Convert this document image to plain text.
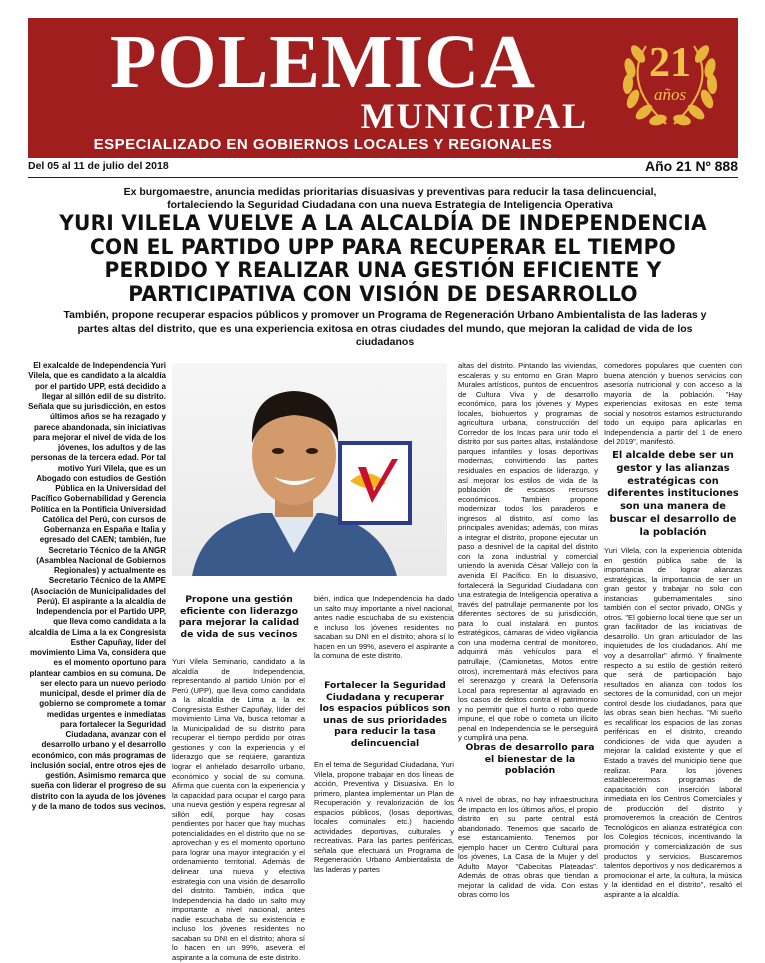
POLEMICA
MUNICIPAL
ESPECIALIZADO EN GOBIERNOS LOCALES Y REGIONALES
21
años
Del 05 al 11 de julio del 2018	Año 21 Nº 888
Ex burgomaestre, anuncia medidas prioritarias disuasivas y preventivas para reducir la tasa delincuencial, fortaleciendo la Seguridad Ciudadana con una nueva Estrategia de Inteligencia Operativa
YURI VILELA VUELVE A LA ALCALDÍA DE INDEPENDENCIA CON EL PARTIDO UPP PARA RECUPERAR EL TIEMPO PERDIDO Y REALIZAR UNA GESTIÓN EFICIENTE Y PARTICIPATIVA CON VISIÓN DE DESARROLLO
También, propone recuperar espacios públicos y promover un Programa de Regeneración Urbano Ambientalista de las laderas y partes altas del distrito, que es una experiencia exitosa en otras ciudades del mundo, que mejoran la calidad de vida de los ciudadanos
El exalcalde de Independencia Yuri Vilela, que es candidato a la alcaldía por el partido UPP, está decidido a llegar al sillón edil de su distrito. Señala que su jurisdicción, en estos últimos años se ha rezagado y parece abandonada, sin iniciativas para mejorar el nivel de vida de los jóvenes, los adultos y de las personas de la tercera edad. Por tal motivo Yuri Vilela, que es un Abogado con estudios de Gestión Pública en la Universidad del Pacífico Gobernabilidad y Gerencia Política en la Pontificia Universidad Católica del Perú, con cursos de Gobernanza en España e Italia y egresado del CAEN; también, fue Secretario Técnico de la ANGR (Asamblea Nacional de Gobiernos Regionales) y actualmente es Secretario Técnico de la AMPE (Asociación de Municipalidades del Perú). El aspirante a la alcaldía de Independencia por el Partido UPP, que lleva como candidata a la alcaldía de Lima a la ex Congresista Esther Capuñay, líder del movimiento Lima Va, considera que es el momento oportuno para plantear cambios en su comuna. De ser electo para un nuevo periodo municipal, desde el primer día de gobierno se compromete a tomar medidas urgentes e inmediatas para fortalecer la Seguridad Ciudadana, avanzar con el desarrollo urbano y el desarrollo económico, con más programas de inclusión social, entre otros ejes de gestión. Asimismo remarca que sueña con liderar el progreso de su distrito con la ayuda de los jóvenes y de la mano de todos sus vecinos.
Propone una gestión eficiente con liderazgo para mejorar la calidad de vida de sus vecinos
Yuri Vilela Seminario, candidato a la alcaldía de Independencia, representando al partido Unión por el Perú (UPP), que lleva como candidata a la alcaldía de Lima a la ex Congresista Esther Capuñay, líder del movimiento Lima Va, busca retomar a la Municipalidad de su distrito para recuperar el tiempo perdido por otras gestiones y con la experiencia y el liderazgo que se requiere, garantiza lograr el anhelado desarrollo urbano, económico y social de su comuna. Afirma que cuenta con la experiencia y la capacidad para ocupar el cargo para una nueva gestión y espera regresar al sillón edil, porque hay cosas pendientes por hacer que hay muchas potencialidades en el distrito que no se aprovechan y es el momento oportuno para lograr una mayor integración y el ordenamiento territorial. Además de delinear una nueva y efectiva estrategia con una visión de desarrollo del distrito. También, indica que Independencia ha dado un salto muy importante a nivel nacional, antes nadie escuchaba de su existencia e incluso los jóvenes residentes no sacaban su DNI en el distrito; ahora sí lo hacen en un 99%, asevera el aspirante a la comuna de este distrito.
bién, indica que Independencia ha dado un salto muy importante a nivel nacional, antes nadie escuchaba de su existencia e incluso los jóvenes residentes no sacaban su DNI en el distrito; ahora sí lo hacen en un 99%, asevero el aspirante a la comuna de este distrito.
Fortalecer la Seguridad Ciudadana y recuperar los espacios públicos son unas de sus prioridades para reducir la tasa delincuencial
En el tema de Seguridad Ciudadana, Yuri Vilela, propone trabajar en dos líneas de acción, Preventiva y Disuasiva. En lo primero, plantea implementar un Plan de Recuperación y revalorización de los espacios públicos, (losas deportivas, locales comunales etc.) haciendo actividades deportivas, culturales y recreativas. Para las partes periféricas, señala que efectuará un Programa de Regeneración Urbano Ambientalista de las laderas y partes
altas del distrito. Pintando las viviendas, escaleras y su entorno en Gran Mapro Murales artísticos, puntos de encuentros de Cultura Viva y de desarrollo económico, para los jóvenes y Mypes locales, biohuertos y programas de agricultura urbana, construcción del Corredor de los Incas para unir todo el distrito por sus partes altas, instalándose parques infantiles y losas deportivas modernas, convirtiendo las partes residuales en espacios de liderazgo, y así mejorar los estilos de vida de la población de escasos recursos económicos. También propone modernizar todos los paraderos e ingresos al distrito, así como las principales avenidas; además, con miras a integrar el distrito, propone ejecutar un paso a desnivel de la capital del distrito con la zona industrial y comercial uniendo la avenida César Vallejo con la avenida El Pacífico. En lo disuasivo, fortalecerá la Seguridad Ciudadana con una estrategia de Inteligencia operativa a través del patrullaje permanente por los diferentes sectores de su jurisdicción, para lo cual instalará en puntos estratégicos, cámaras de video vigilancia con una moderna central de monitoreo, adquirirá más vehículos para el patrullaje, (Camionetas, Motos entre otros), incrementará más efectivos para el serenazgo y creará la Defensoría Local para representar al agraviado en los casos de delitos contra el patrimonio y no permitir que el hurto o robo quede impune, el que robe o cometa un ilícito penal en Independencia se le perseguirá y cumplirá una pena.
Obras de desarrollo para el bienestar de la población
A nivel de obras, no hay infraestructura de impacto en los últimos años, el propio distrito en su parte central está abandonado. Tenemos que sacarlo de ese estancamiento. Tenemos por ejemplo hacer un Centro Cultural para los jóvenes, La Casa de la Mujer y del Adulto Mayor "Cabecitas Plateadas". Además de otras obras que tiendan a mejorar la calidad de vida. Con estas obras como los
comedores populares que cuenten con buena atención y buenos servicios con asesoría nutricional y con acceso a la mayoría de la población. "Hay experiencias exitosas en este tema social y nosotros estamos estructurando todo un equipo para aplicarlas en Independencia a partir del 1 de enero del 2019", manifestó.
El alcalde debe ser un gestor y las alianzas estratégicas con diferentes instituciones son una manera de buscar el desarrollo de la población
Yuri Vilela, con la experiencia obtenida en gestión pública sabe de la importancia de lograr alianzas estratégicas, la importancia de ser un gran gestor y trabajar no solo con instancias gubernamentales sino también con el sector privado, ONGs y otros. "El gobierno local tiene que ser un gran facilitador de las iniciativas de desarrollo. Un gran articulador de las inquietudes de los ciudadanos. Ahí me voy a desarrollar" afirmó. Y finalmente respecto a su estilo de gestión reiteró que será de participación bajo resultados en alianza con todos los sectores de la comunidad, con un mejor control desde los ciudadanos, para que las obras sean bien hechas. "Mi sueño es recalificar los espacios de las zonas periféricas en el distrito, creando condiciones de vida que ayuden a mejorar la calidad existente y que el Estado a través del municipio tiene que realizar. Para los jóvenes establecerermos programas de capacitación con inserción laboral inmediata en los Centros Comerciales y de producción del distrito y promoveremos la creación de Centros Tecnológicos en alianza estratégica con los Colegios técnicos, incentivando la promoción y comercialización de sus productos y servicios. Buscaremos talentos deportivos y nos dedicaremos a promocionar el arte, la cultura, la música y la identidad en el distrito", resaltó el aspirante a la alcaldía.
